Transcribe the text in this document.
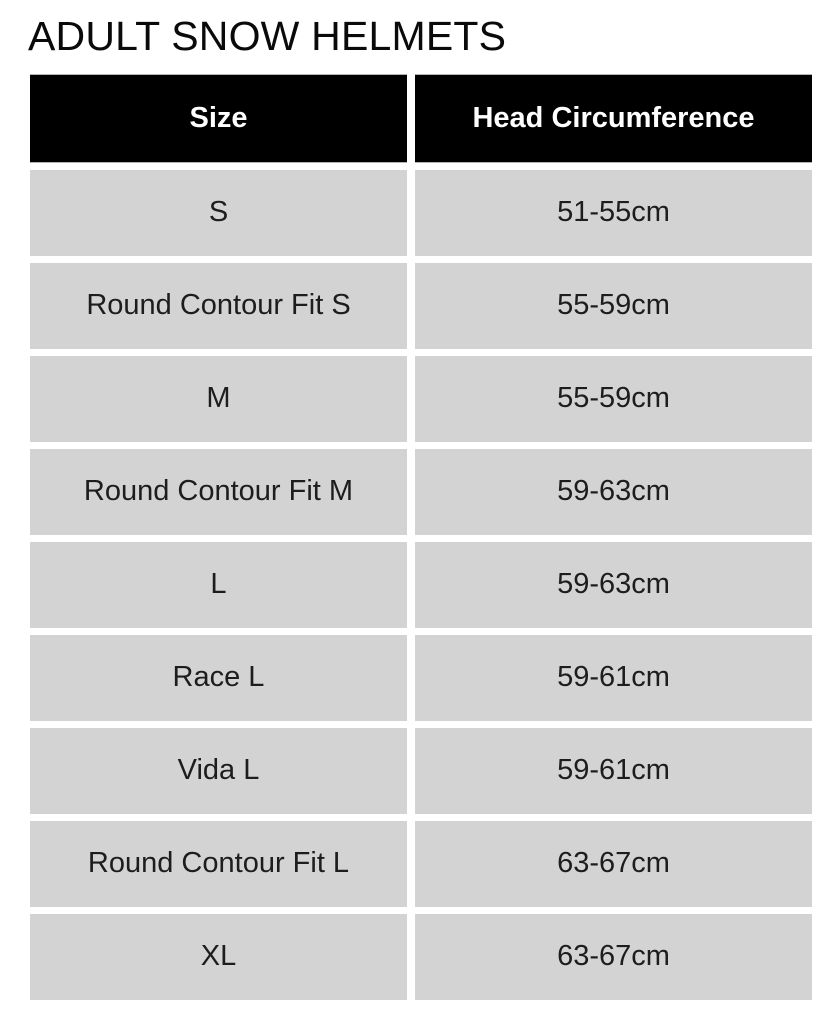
ADULT SNOW HELMETS
Size	Head Circumference
S	51-55cm
Round Contour Fit S	55-59cm
M	55-59cm
Round Contour Fit M	59-63cm
L	59-63cm
Race L	59-61cm
Vida L	59-61cm
Round Contour Fit L	63-67cm
XL	63-67cm
